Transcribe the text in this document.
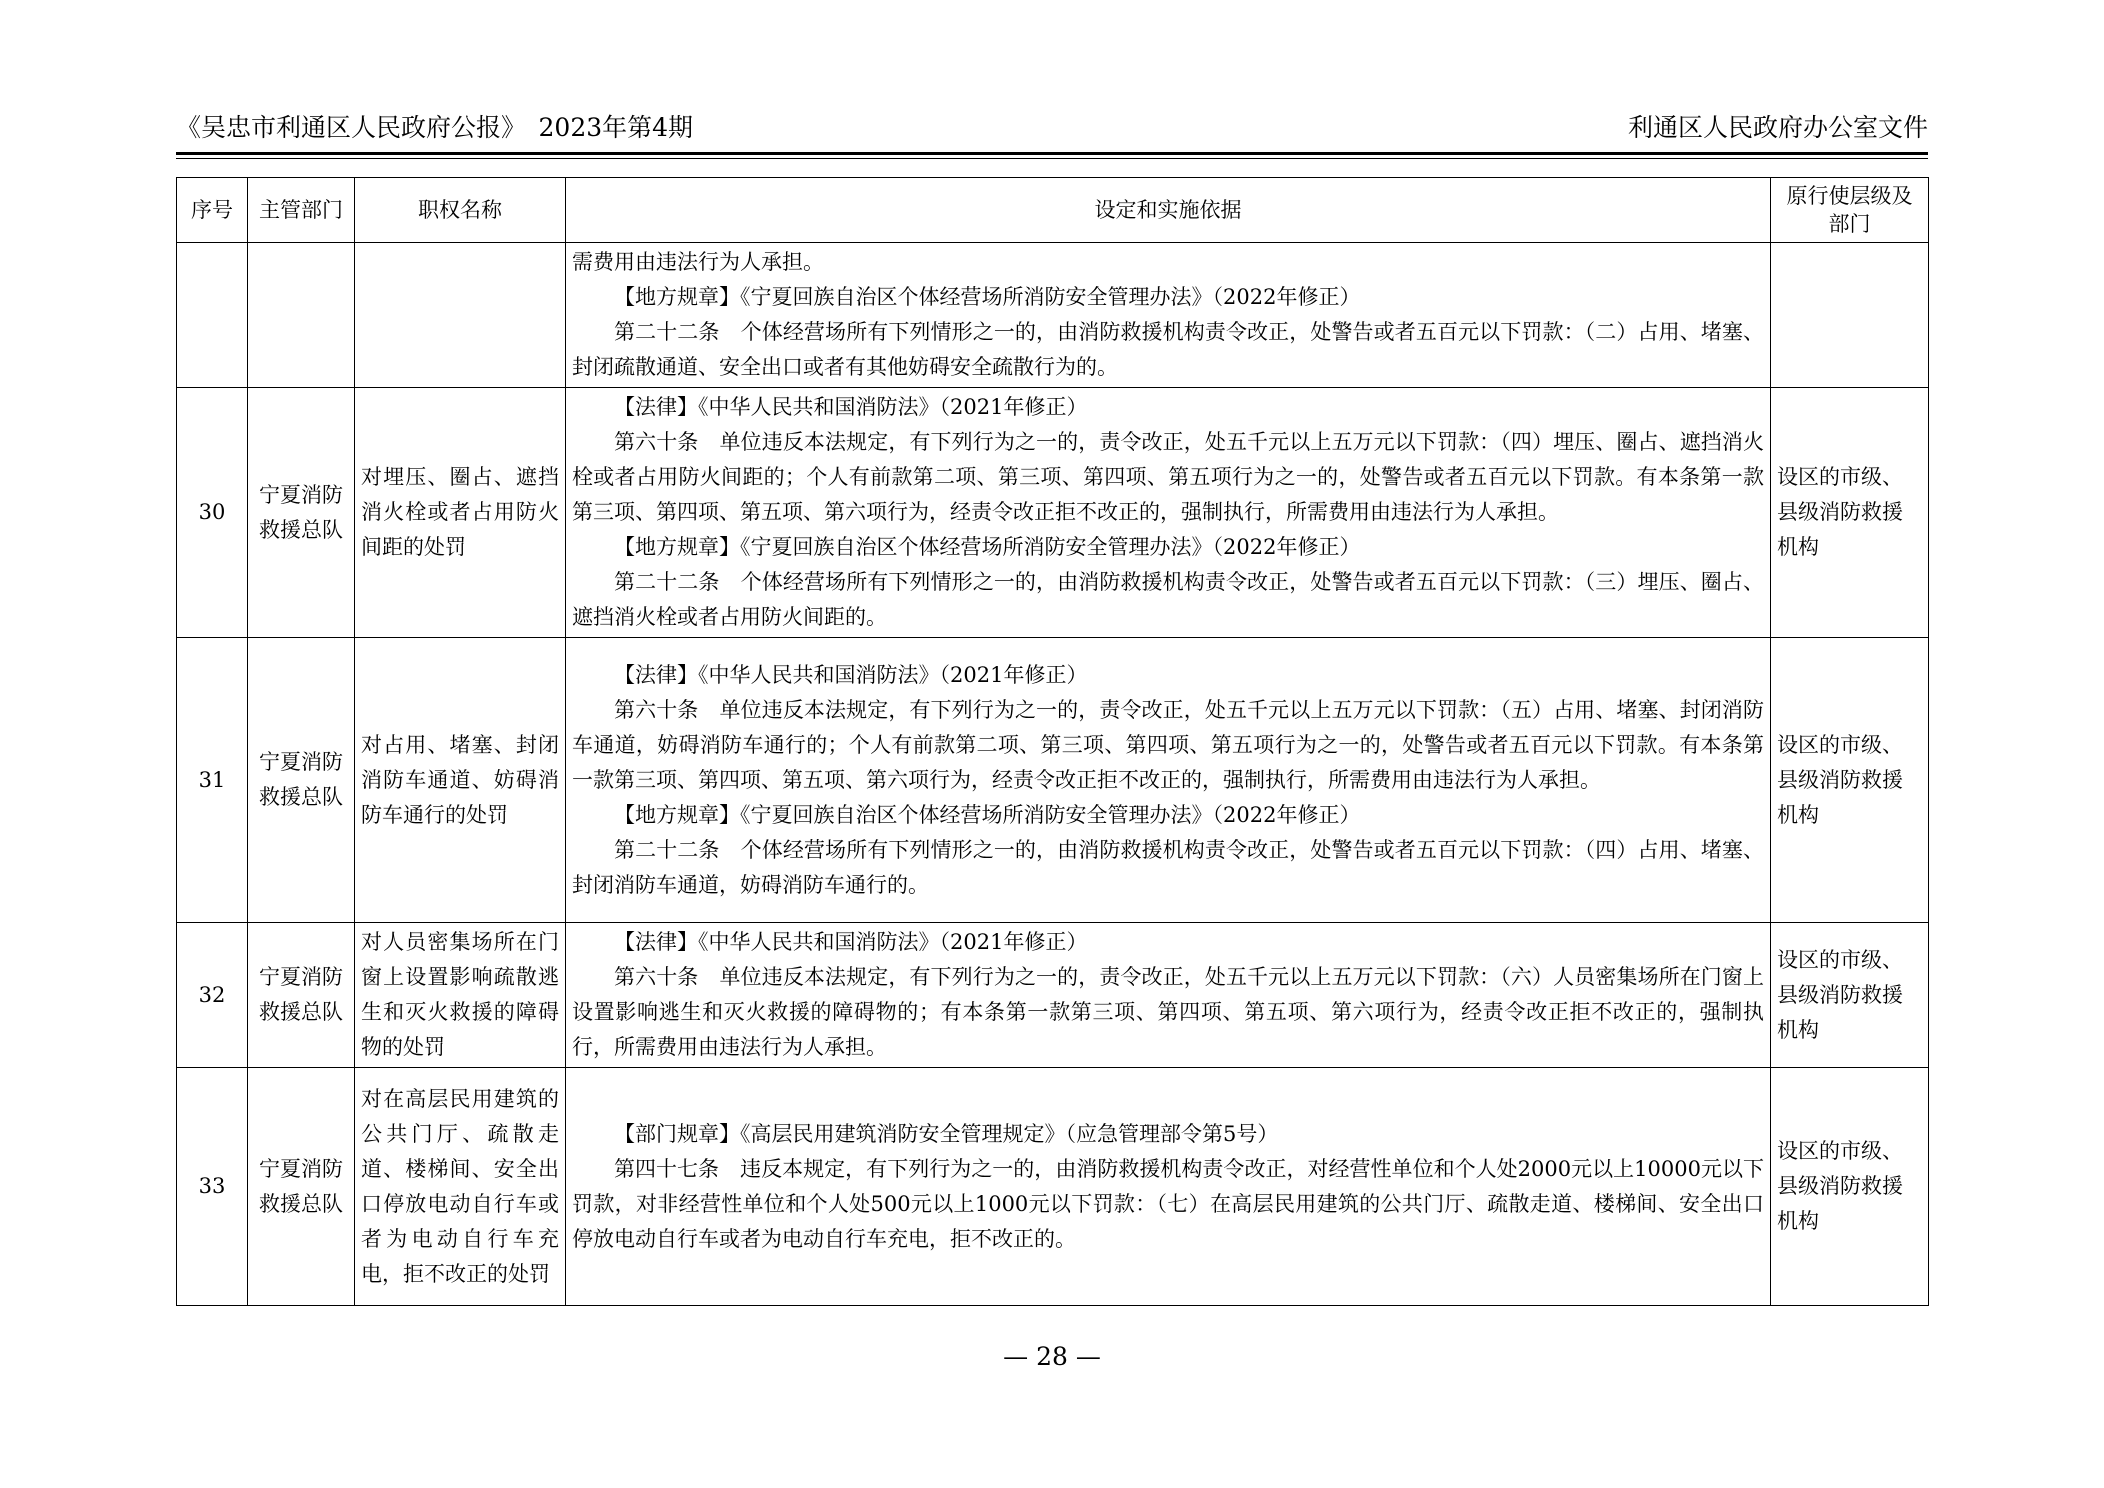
《吴忠市利通区人民政府公报》　2023年第4期	利通区人民政府办公室文件
序号	主管部门	职权名称	设定和实施依据	原行使层级及部门

			需费用由违法行为人承担。

【地方规章】《宁夏回族自治区个体经营场所消防安全管理办法》（2022年修正）

第二十二条　个体经营场所有下列情形之一的，由消防救援机构责令改正，处警告或者五百元以下罚款：（二）占用、堵塞、封闭疏散通道、安全出口或者有其他妨碍安全疏散行为的。	

30	宁夏消防救援总队	对埋压、圈占、遮挡消火栓或者占用防火间距的处罚	【法律】《中华人民共和国消防法》（2021年修正）

第六十条　单位违反本法规定，有下列行为之一的，责令改正，处五千元以上五万元以下罚款：（四）埋压、圈占、遮挡消火栓或者占用防火间距的；个人有前款第二项、第三项、第四项、第五项行为之一的，处警告或者五百元以下罚款。有本条第一款第三项、第四项、第五项、第六项行为，经责令改正拒不改正的，强制执行，所需费用由违法行为人承担。

【地方规章】《宁夏回族自治区个体经营场所消防安全管理办法》（2022年修正）

第二十二条　个体经营场所有下列情形之一的，由消防救援机构责令改正，处警告或者五百元以下罚款：（三）埋压、圈占、遮挡消火栓或者占用防火间距的。	设区的市级、县级消防救援机构
31	宁夏消防救援总队	对占用、堵塞、封闭消防车通道、妨碍消防车通行的处罚	【法律】《中华人民共和国消防法》（2021年修正）

第六十条　单位违反本法规定，有下列行为之一的，责令改正，处五千元以上五万元以下罚款：（五）占用、堵塞、封闭消防车通道，妨碍消防车通行的；个人有前款第二项、第三项、第四项、第五项行为之一的，处警告或者五百元以下罚款。有本条第一款第三项、第四项、第五项、第六项行为，经责令改正拒不改正的，强制执行，所需费用由违法行为人承担。

【地方规章】《宁夏回族自治区个体经营场所消防安全管理办法》（2022年修正）

第二十二条　个体经营场所有下列情形之一的，由消防救援机构责令改正，处警告或者五百元以下罚款：（四）占用、堵塞、封闭消防车通道，妨碍消防车通行的。	设区的市级、县级消防救援机构
32	宁夏消防救援总队	对人员密集场所在门窗上设置影响疏散逃生和灭火救援的障碍物的处罚	【法律】《中华人民共和国消防法》（2021年修正）

第六十条　单位违反本法规定，有下列行为之一的，责令改正，处五千元以上五万元以下罚款：（六）人员密集场所在门窗上设置影响逃生和灭火救援的障碍物的；有本条第一款第三项、第四项、第五项、第六项行为，经责令改正拒不改正的，强制执行，所需费用由违法行为人承担。	设区的市级、县级消防救援机构
33	宁夏消防救援总队	对在高层民用建筑的公共门厅、疏散走道、楼梯间、安全出口停放电动自行车或者为电动自行车充电，拒不改正的处罚	【部门规章】《高层民用建筑消防安全管理规定》（应急管理部令第5号）

第四十七条　违反本规定，有下列行为之一的，由消防救援机构责令改正，对经营性单位和个人处2000元以上10000元以下罚款，对非经营性单位和个人处500元以上1000元以下罚款：（七）在高层民用建筑的公共门厅、疏散走道、楼梯间、安全出口停放电动自行车或者为电动自行车充电，拒不改正的。	设区的市级、县级消防救援机构
— 28 —
